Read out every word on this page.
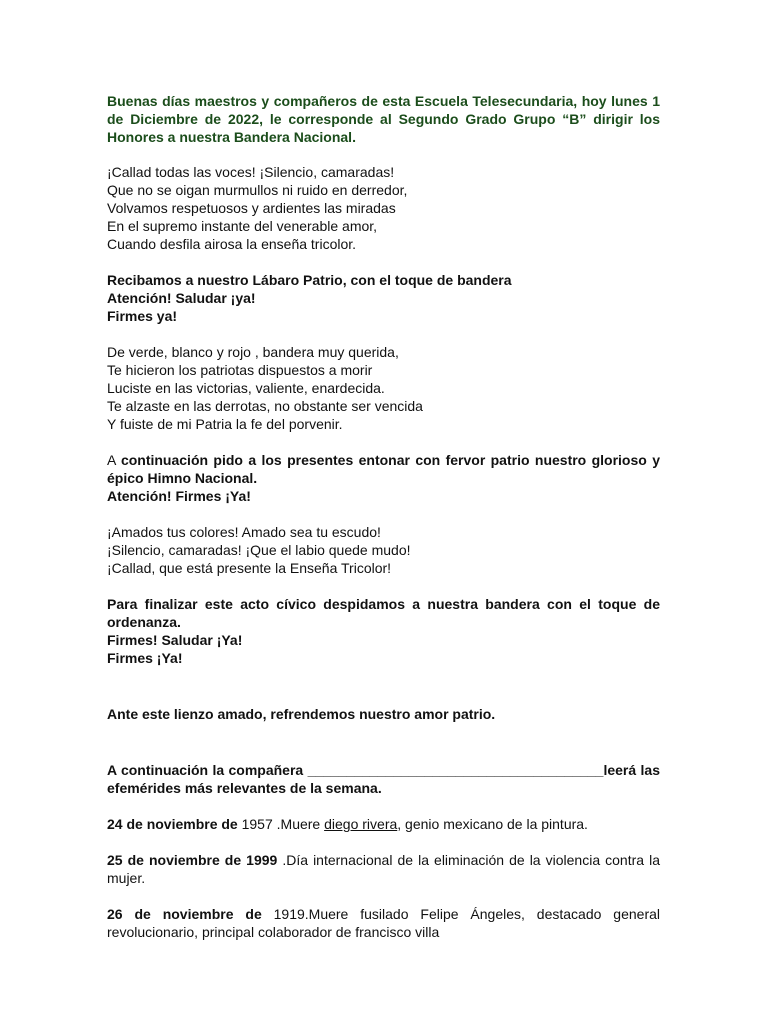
Buenas días maestros y compañeros de esta Escuela Telesecundaria, hoy lunes 1 de Diciembre de 2022, le corresponde al Segundo Grado Grupo “B” dirigir los Honores a nuestra Bandera Nacional.

¡Callad todas las voces! ¡Silencio, camaradas!
Que no se oigan murmullos ni ruido en derredor,
Volvamos respetuosos y ardientes las miradas
En el supremo instante del venerable amor,
Cuando desfila airosa la enseña tricolor.
Recibamos a nuestro Lábaro Patrio, con el toque de bandera
Atención! Saludar ¡ya!
Firmes ya!
De verde, blanco y rojo , bandera muy querida,
Te hicieron los patriotas dispuestos a morir
Luciste en las victorias, valiente, enardecida.
Te alzaste en las derrotas, no obstante ser vencida
Y fuiste de mi Patria la fe del porvenir.

A continuación pido a los presentes entonar con fervor patrio nuestro glorioso y épico Himno Nacional.

Atención! Firmes ¡Ya!
¡Amados tus colores! Amado sea tu escudo!
¡Silencio, camaradas! ¡Que el labio quede mudo!
¡Callad, que está presente la Enseña Tricolor!

Para finalizar este acto cívico despidamos a nuestra bandera con el toque de ordenanza.

Firmes! Saludar ¡Ya!
Firmes ¡Ya!

Ante este lienzo amado, refrendemos nuestro amor patrio.

A continuación la compañera ______________________________________leerá las efemérides más relevantes de la semana.

24 de noviembre de 1957 .Muere diego rivera, genio mexicano de la pintura.

25 de noviembre de 1999 .Día internacional de la eliminación de la violencia contra la mujer.

26 de noviembre de 1919.Muere fusilado Felipe Ángeles, destacado general revolucionario, principal colaborador de francisco villa
